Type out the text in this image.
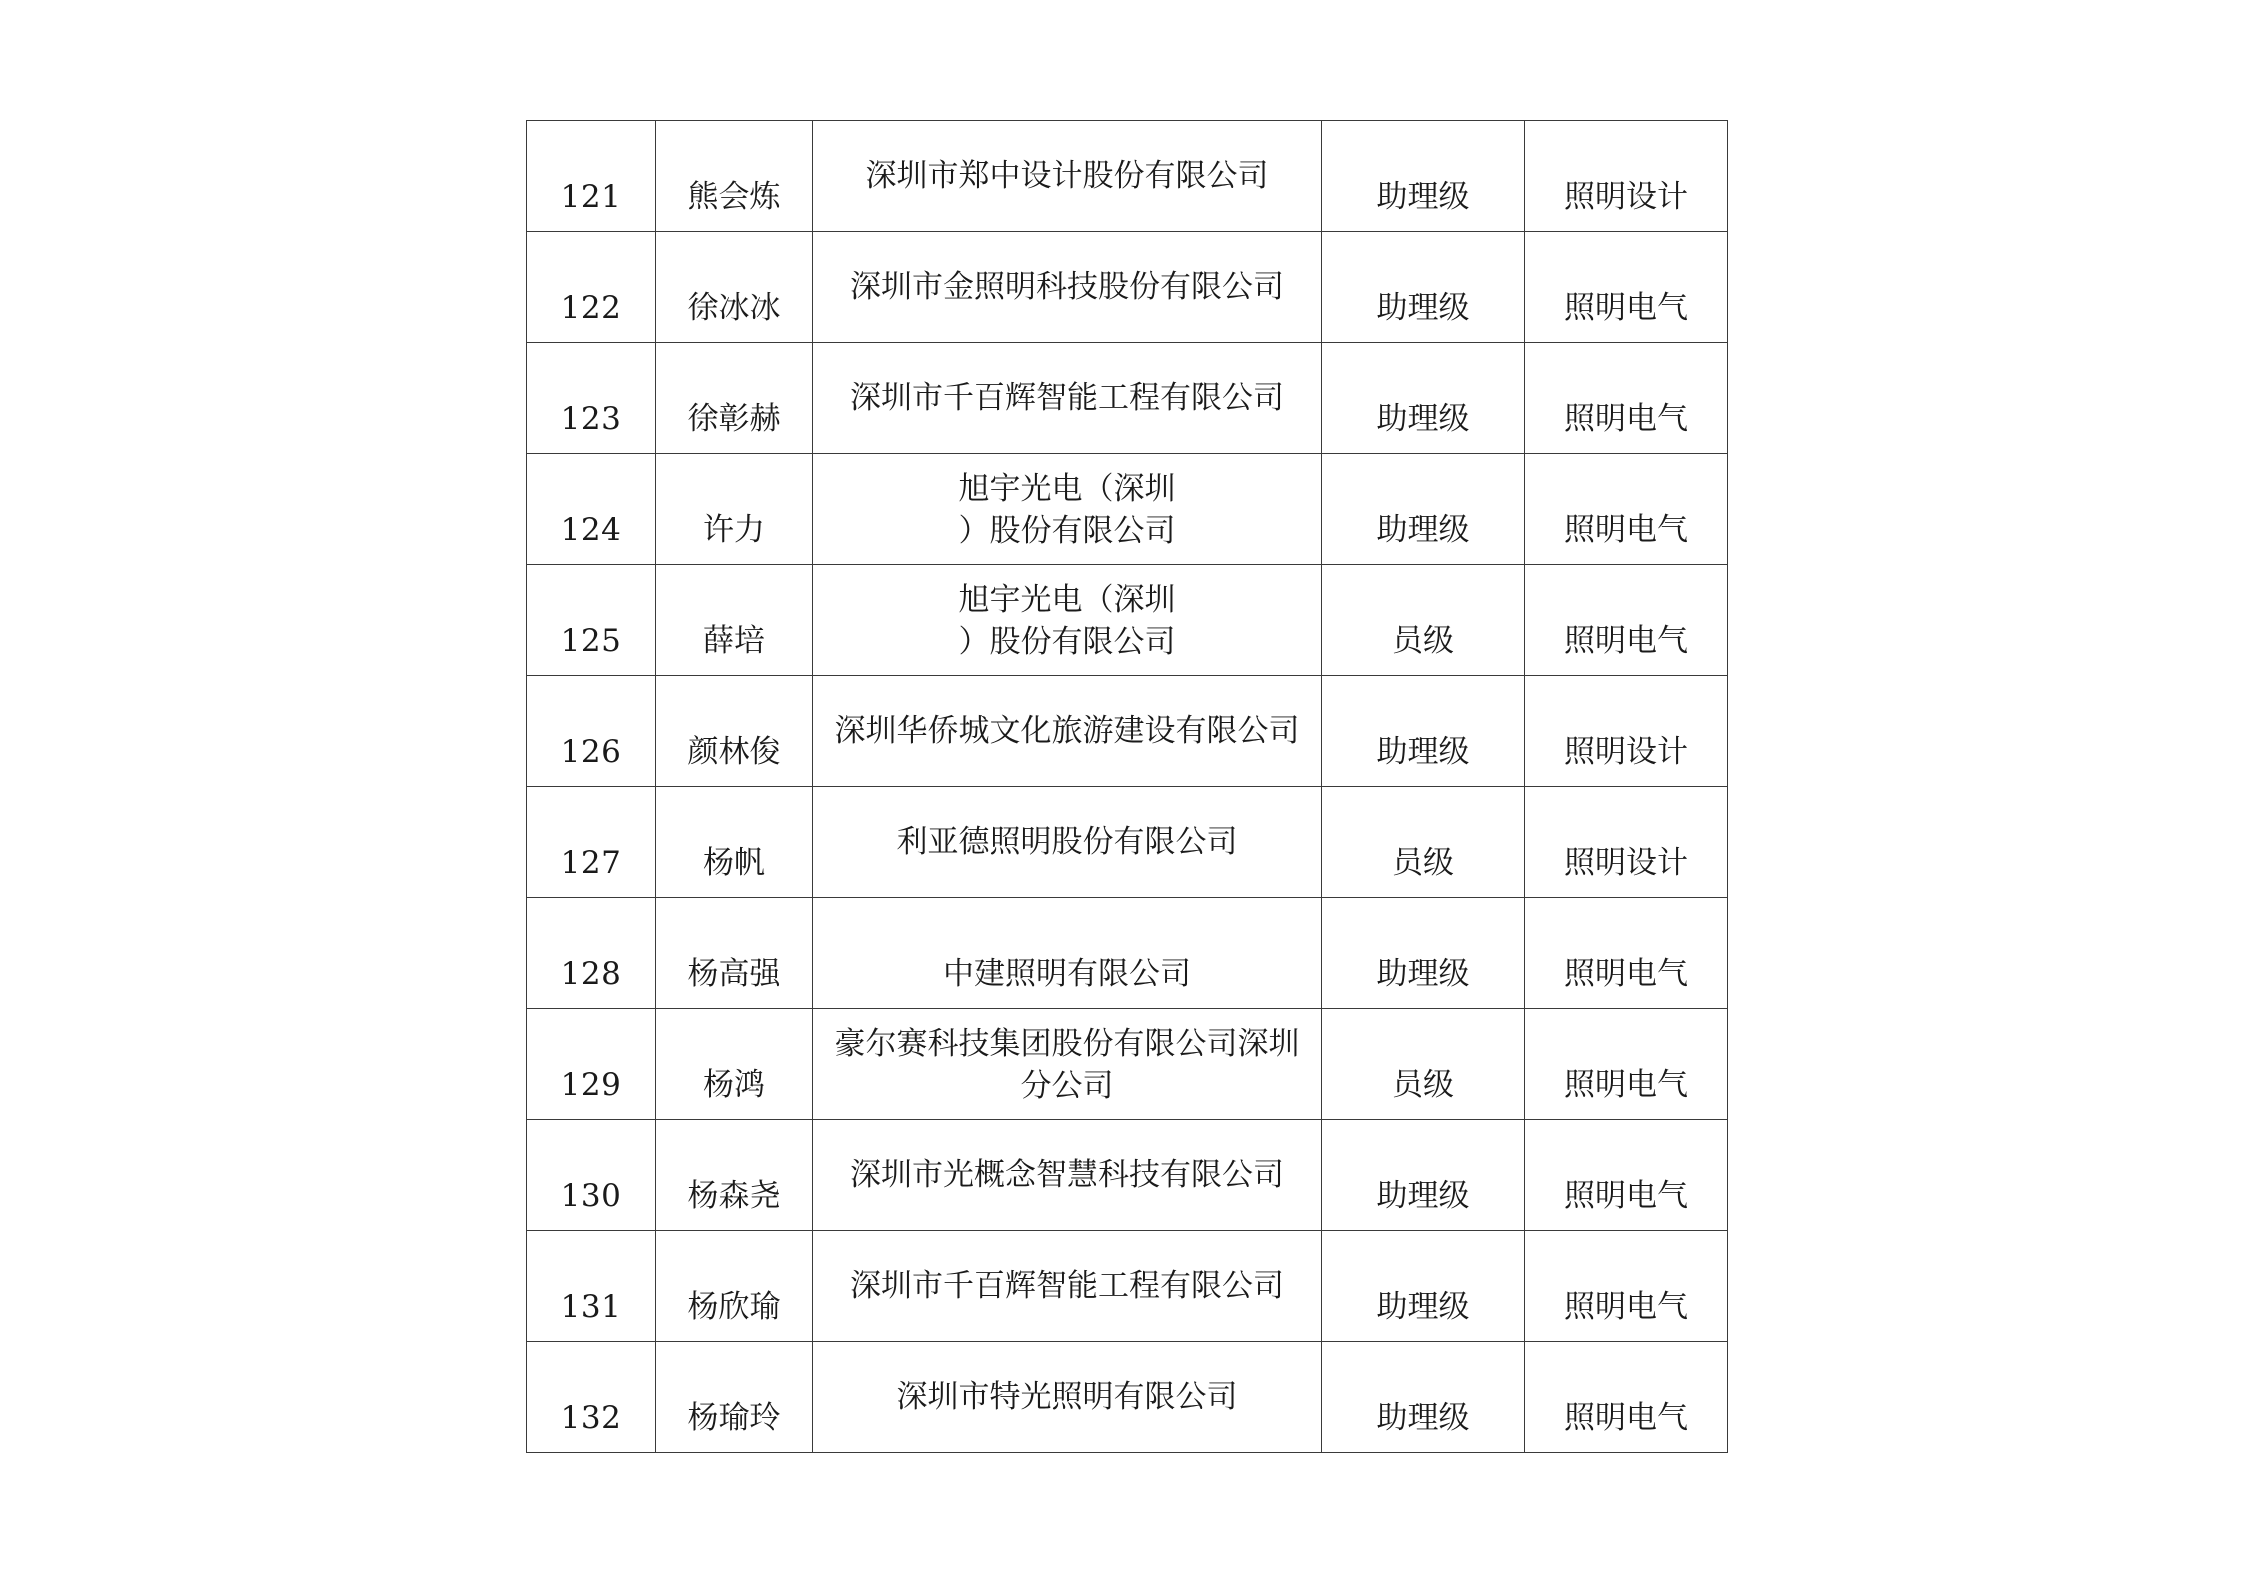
121	熊会炼	深圳市郑中设计股份有限公司	助理级	照明设计

122	徐冰冰	深圳市金照明科技股份有限公司	助理级	照明电气

123	徐彰赫	深圳市千百辉智能工程有限公司	助理级	照明电气

124	许力	旭宇光电（深圳
）股份有限公司	助理级	照明电气

125	薛培	旭宇光电（深圳
）股份有限公司	员级	照明电气

126	颜林俊	深圳华侨城文化旅游建设有限公司	助理级	照明设计

127	杨帆	利亚德照明股份有限公司	员级	照明设计

128	杨高强	中建照明有限公司	助理级	照明电气

129	杨鸿	豪尔赛科技集团股份有限公司深圳
分公司	员级	照明电气

130	杨森尧	深圳市光概念智慧科技有限公司	助理级	照明电气

131	杨欣瑜	深圳市千百辉智能工程有限公司	助理级	照明电气

132	杨瑜玲	深圳市特光照明有限公司	助理级	照明电气
